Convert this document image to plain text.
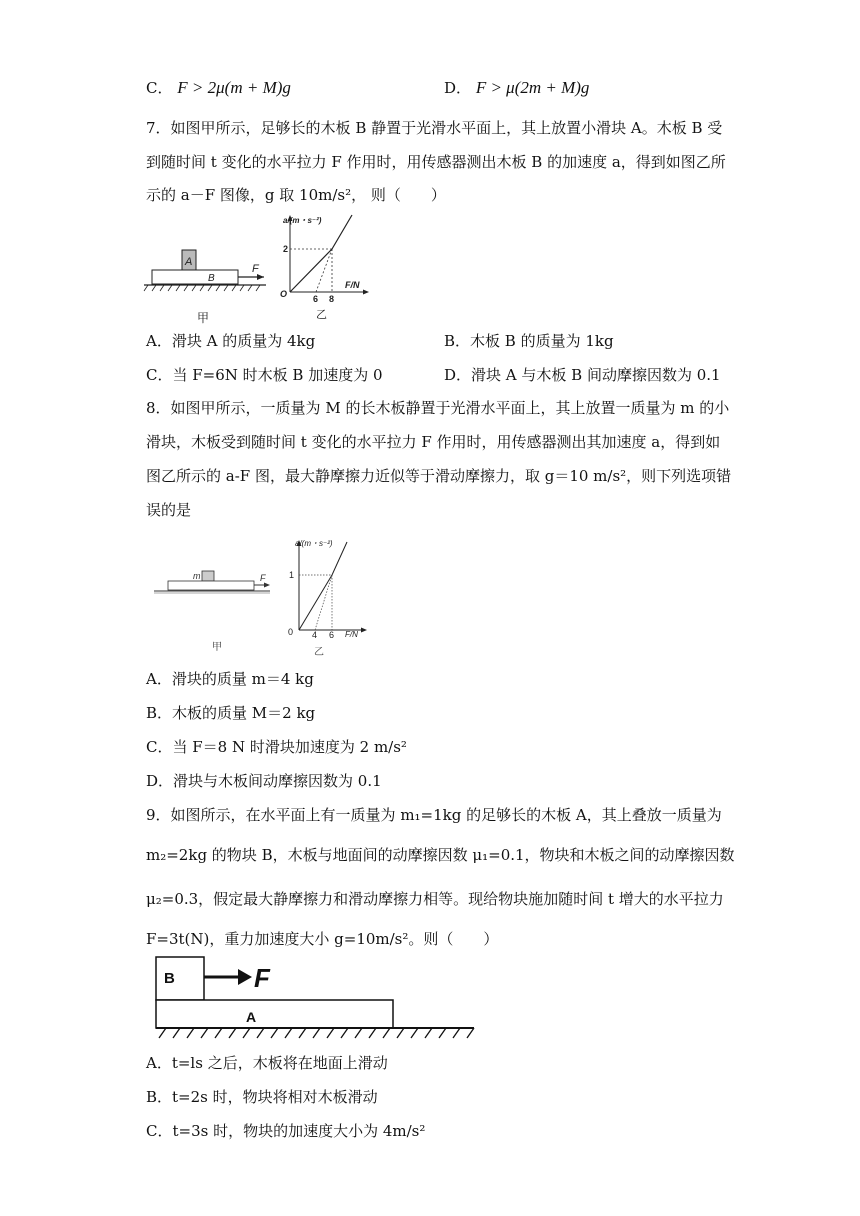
C． F > 2μ(m + M)g	D． F > μ(2m + M)g
7．如图甲所示，足够长的木板 B 静置于光滑水平面上，其上放置小滑块 A。木板 B 受
到随时间 t 变化的水平拉力 F 作用时，用传感器测出木板 B 的加速度 a，得到如图乙所
示的 a－F 图像，g 取 10m/s²， 则（　　）
A
B
F
甲
a/(m・s⁻²)
F/N
O
2
6 8
乙
A．滑块 A 的质量为 4kg	B．木板 B 的质量为 1kg
C．当 F=6N 时木板 B 加速度为 0	D．滑块 A 与木板 B 间动摩擦因数为 0.1
8．如图甲所示，一质量为 M 的长木板静置于光滑水平面上，其上放置一质量为 m 的小
滑块，木板受到随时间 t 变化的水平拉力 F 作用时，用传感器测出其加速度 a，得到如
图乙所示的 a-F 图，最大静摩擦力近似等于滑动摩擦力，取 g＝10 m/s²，则下列选项错
误的是
m	F
甲
a/(m・s⁻²)
F/N
0
1
4 6
乙
A．滑块的质量 m＝4 kg
B．木板的质量 M＝2 kg
C．当 F＝8 N 时滑块加速度为 2 m/s²
D．滑块与木板间动摩擦因数为 0.1
9．如图所示，在水平面上有一质量为 m₁=1kg 的足够长的木板 A，其上叠放一质量为
m₂=2kg 的物块 B，木板与地面间的动摩擦因数 μ₁=0.1，物块和木板之间的动摩擦因数
μ₂=0.3，假定最大静摩擦力和滑动摩擦力相等。现给物块施加随时间 t 增大的水平拉力
F=3t(N)，重力加速度大小 g=10m/s²。则（　　）
B	F
A
A．t=ls 之后，木板将在地面上滑动
B．t=2s 时，物块将相对木板滑动
C．t=3s 时，物块的加速度大小为 4m/s²
